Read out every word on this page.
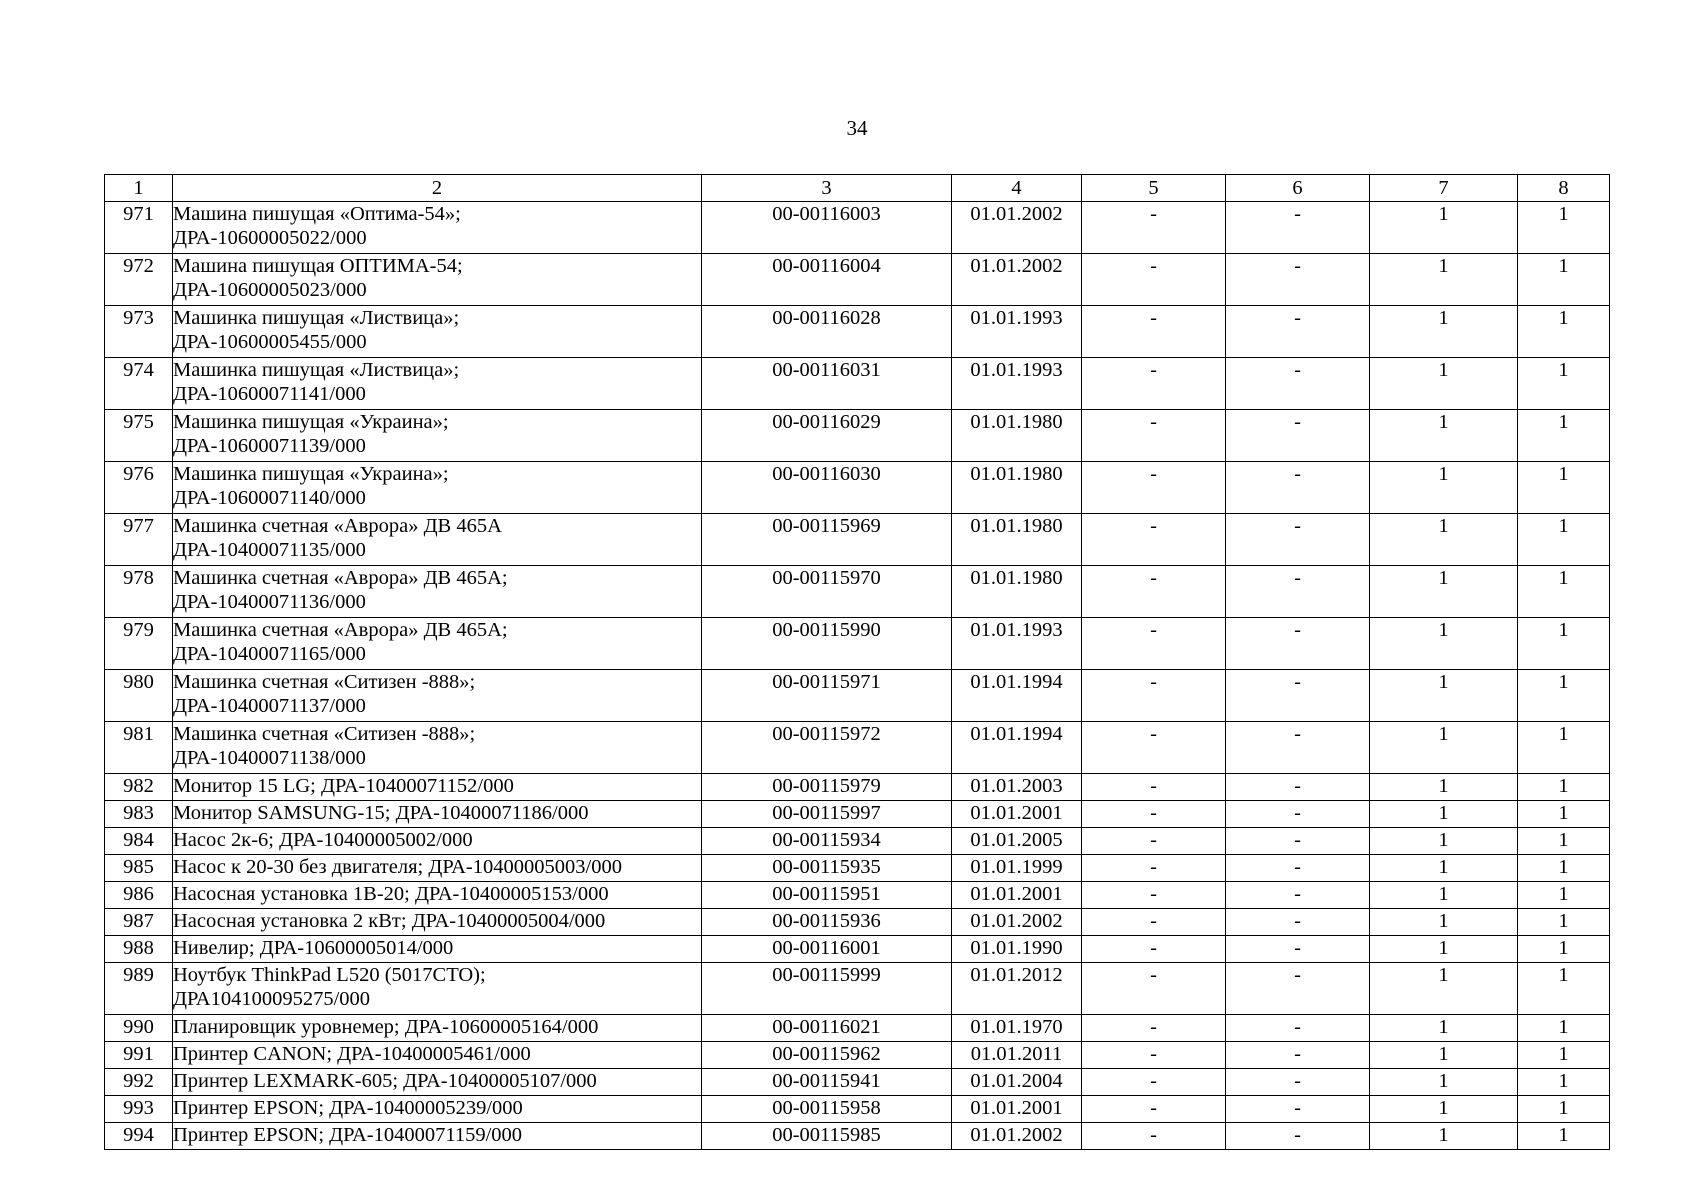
34
1	2	3	4	5	6	7	8
971	Машина пишущая «Оптима-54»;
ДРА-10600005022/000	00-00116003	01.01.2002	-	-	1	1
972	Машина пишущая ОПТИМА-54;
ДРА-10600005023/000	00-00116004	01.01.2002	-	-	1	1
973	Машинка пишущая «Листвица»;
ДРА-10600005455/000	00-00116028	01.01.1993	-	-	1	1
974	Машинка пишущая «Листвица»;
ДРА-10600071141/000	00-00116031	01.01.1993	-	-	1	1
975	Машинка пишущая «Украина»;
ДРА-10600071139/000	00-00116029	01.01.1980	-	-	1	1
976	Машинка пишущая «Украина»;
ДРА-10600071140/000	00-00116030	01.01.1980	-	-	1	1
977	Машинка счетная «Аврора» ДВ 465А
ДРА-10400071135/000	00-00115969	01.01.1980	-	-	1	1
978	Машинка счетная «Аврора» ДВ 465А;
ДРА-10400071136/000	00-00115970	01.01.1980	-	-	1	1
979	Машинка счетная «Аврора» ДВ 465А;
ДРА-10400071165/000	00-00115990	01.01.1993	-	-	1	1
980	Машинка счетная «Ситизен -888»;
ДРА-10400071137/000	00-00115971	01.01.1994	-	-	1	1
981	Машинка счетная «Ситизен -888»;
ДРА-10400071138/000	00-00115972	01.01.1994	-	-	1	1
982	Монитор 15 LG; ДРА-10400071152/000	00-00115979	01.01.2003	-	-	1	1
983	Монитор SAMSUNG-15; ДРА-10400071186/000	00-00115997	01.01.2001	-	-	1	1
984	Насос 2к-6; ДРА-10400005002/000	00-00115934	01.01.2005	-	-	1	1
985	Насос к 20-30 без двигателя; ДРА-10400005003/000	00-00115935	01.01.1999	-	-	1	1
986	Насосная установка 1В-20; ДРА-10400005153/000	00-00115951	01.01.2001	-	-	1	1
987	Насосная установка 2 кВт; ДРА-10400005004/000	00-00115936	01.01.2002	-	-	1	1
988	Нивелир; ДРА-10600005014/000	00-00116001	01.01.1990	-	-	1	1
989	Ноутбук ThinkPad L520 (5017CTO);
ДРА104100095275/000	00-00115999	01.01.2012	-	-	1	1
990	Планировщик уровнемер; ДРА-10600005164/000	00-00116021	01.01.1970	-	-	1	1
991	Принтер CANON; ДРА-10400005461/000	00-00115962	01.01.2011	-	-	1	1
992	Принтер LEXMARK-605; ДРА-10400005107/000	00-00115941	01.01.2004	-	-	1	1
993	Принтер EPSON; ДРА-10400005239/000	00-00115958	01.01.2001	-	-	1	1
994	Принтер EPSON; ДРА-10400071159/000	00-00115985	01.01.2002	-	-	1	1
